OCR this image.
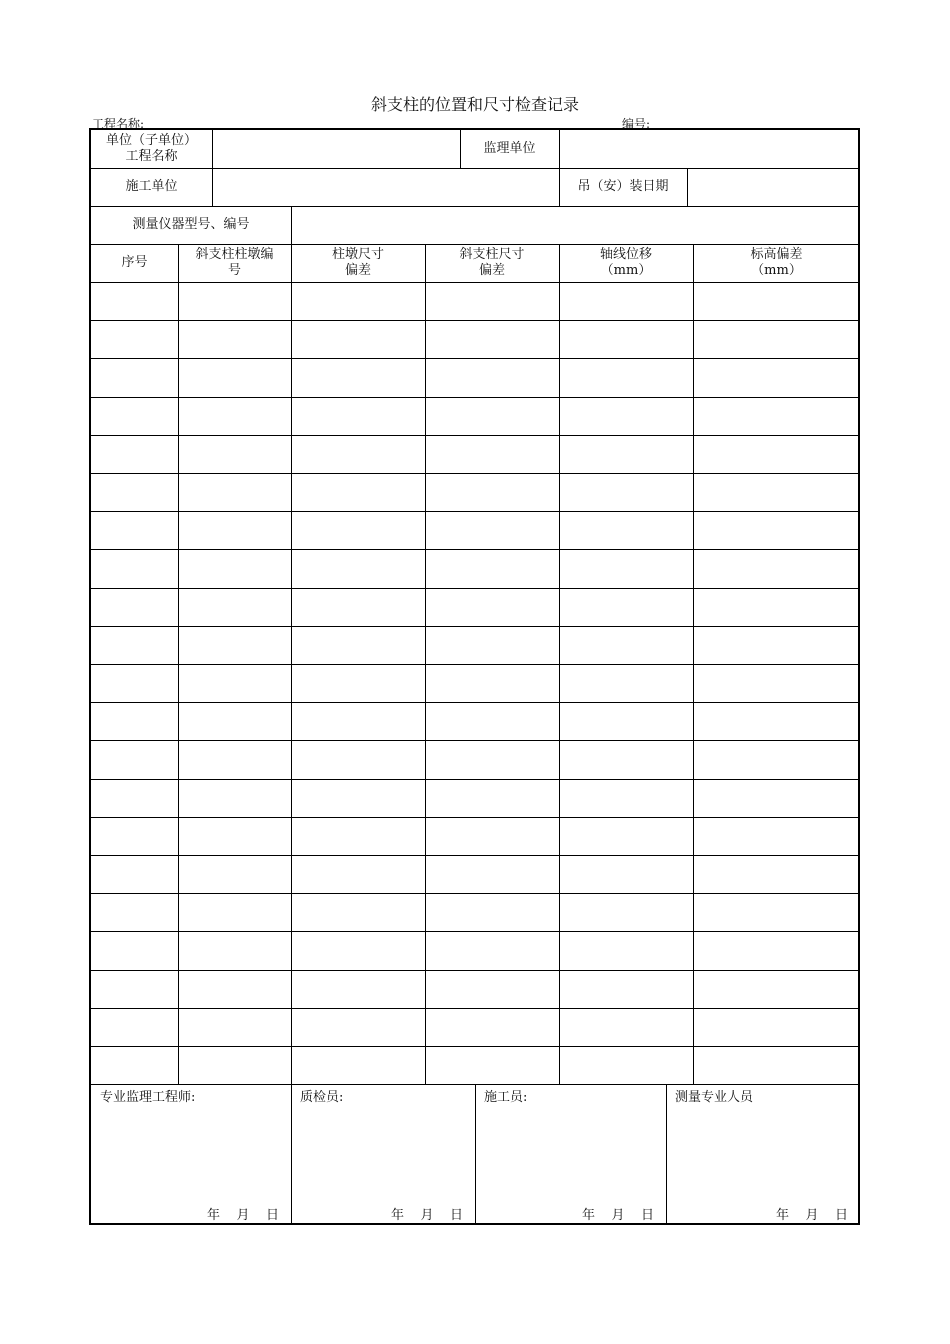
斜支柱的位置和尺寸检查记录
工程名称:	编号:
单位（子单位）
工程名称
监理单位
施工单位	吊（安）装日期
测量仪器型号、编号
序号
斜支柱柱墩编
号
柱墩尺寸
偏差
斜支柱尺寸
偏差
轴线位移
（mm）
标高偏差
（mm）
专业监理工程师:
年    月    日
质检员:
年    月    日
施工员:
年    月    日
测量专业人员
年    月    日
